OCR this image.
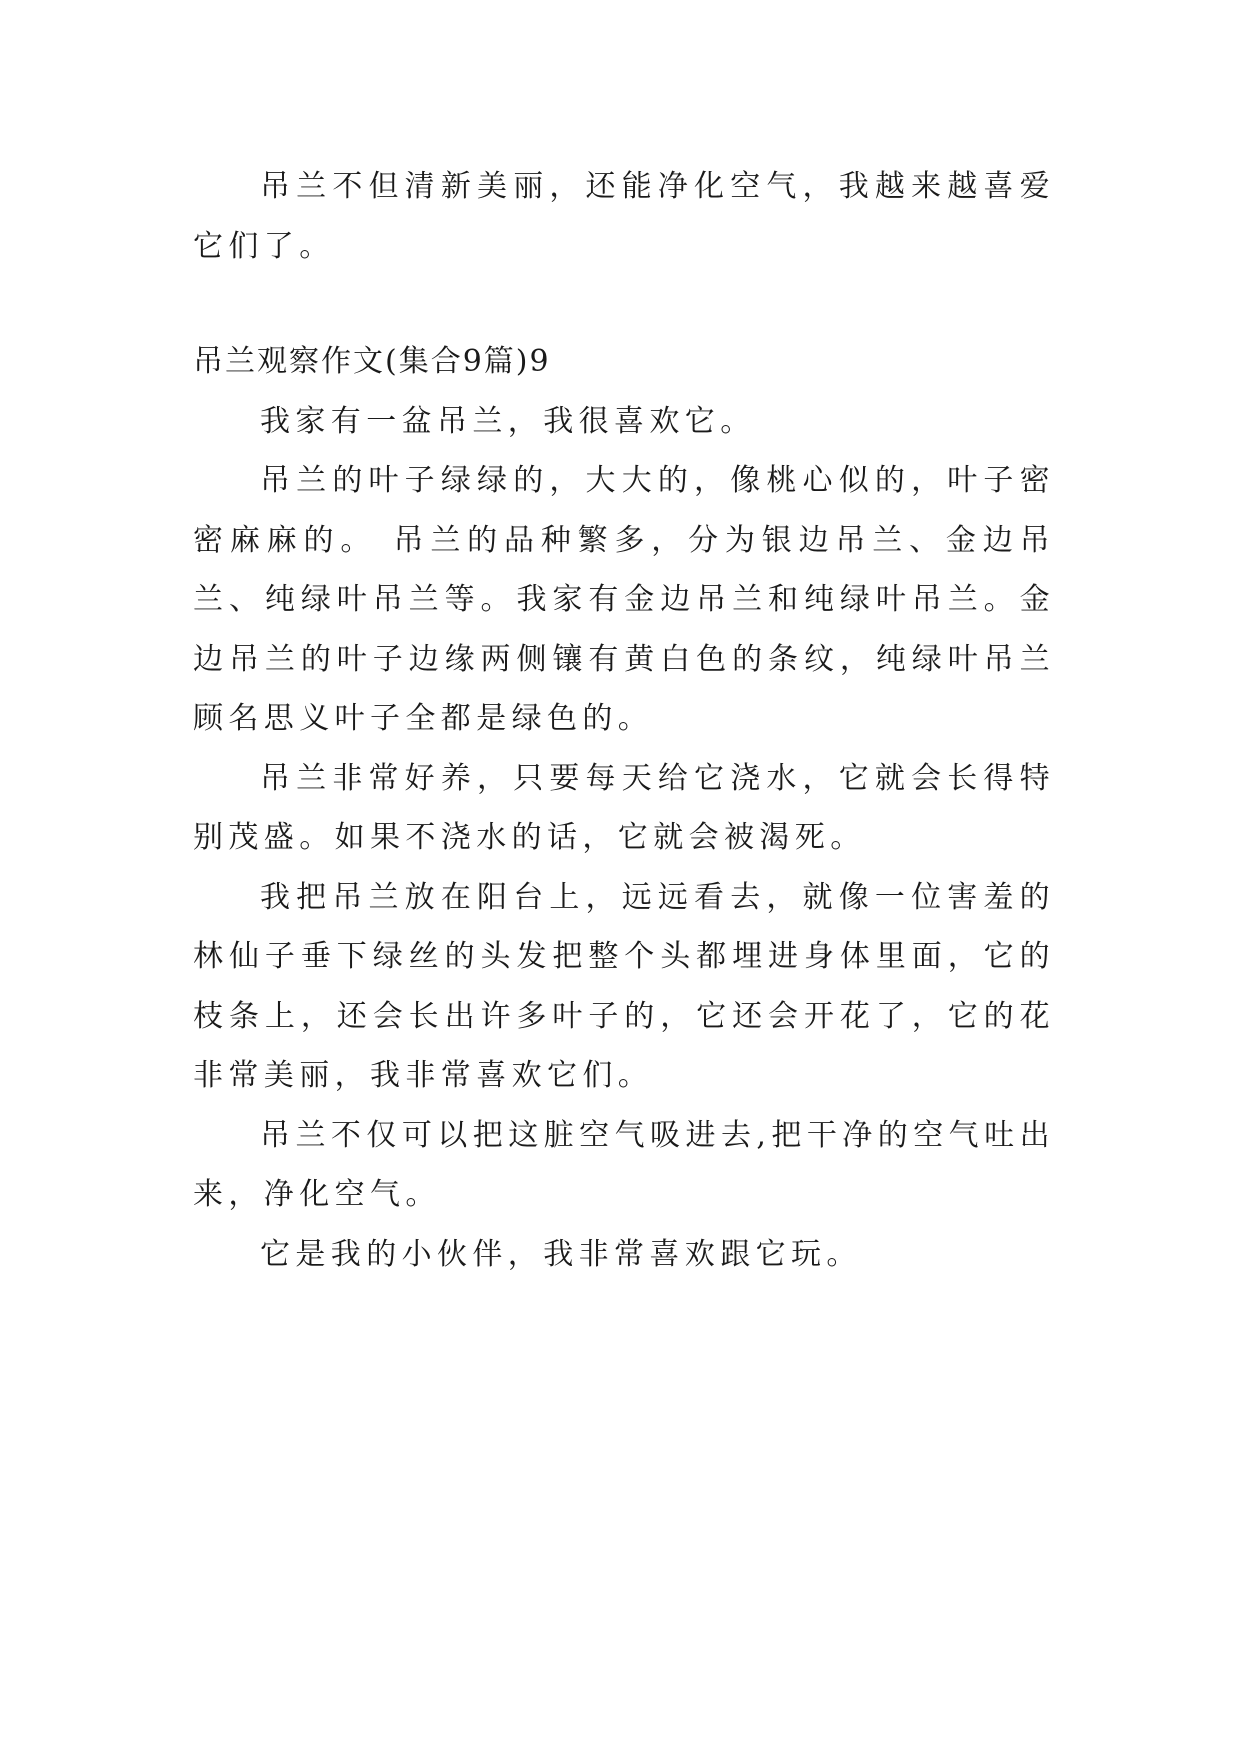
吊兰不但清新美丽，还能净化空气，我越来越喜爱它们了。

吊兰观察作文(集合9篇)9

我家有一盆吊兰，我很喜欢它。

吊兰的叶子绿绿的，大大的，像桃心似的，叶子密密麻麻的。 吊兰的品种繁多，分为银边吊兰、金边吊兰、纯绿叶吊兰等。我家有金边吊兰和纯绿叶吊兰。金边吊兰的叶子边缘两侧镶有黄白色的条纹，纯绿叶吊兰顾名思义叶子全都是绿色的。

吊兰非常好养，只要每天给它浇水，它就会长得特别茂盛。如果不浇水的话，它就会被渴死。

我把吊兰放在阳台上，远远看去，就像一位害羞的林仙子垂下绿丝的头发把整个头都埋进身体里面，它的枝条上，还会长出许多叶子的，它还会开花了，它的花非常美丽，我非常喜欢它们。

吊兰不仅可以把这脏空气吸进去,把干净的空气吐出来，净化空气。

它是我的小伙伴，我非常喜欢跟它玩。
